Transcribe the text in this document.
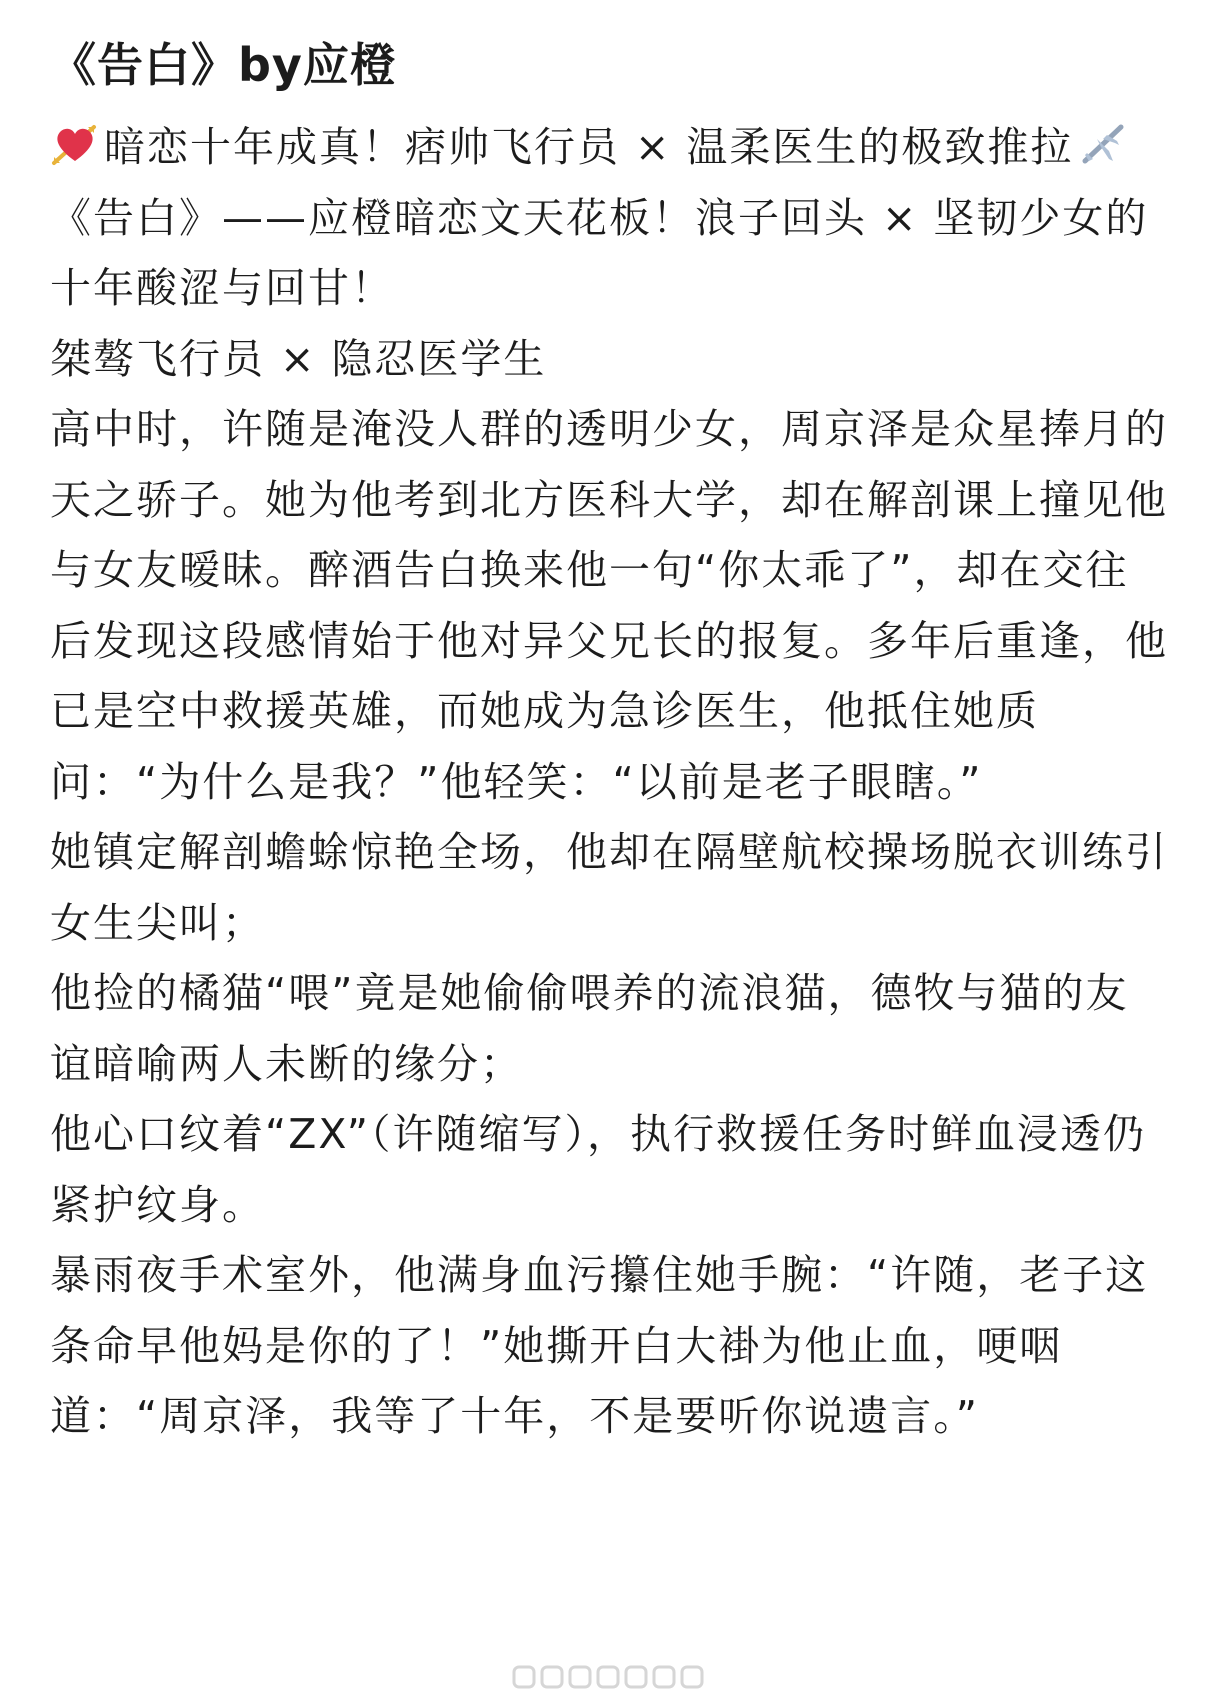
《告白》by应橙

暗恋十年成真！痞帅飞行员 × 温柔医生的极致推拉

《告白》——应橙暗恋文天花板！浪子回头 × 坚韧少女的十年酸涩与回甘！

桀骜飞行员 × 隐忍医学生

高中时，许随是淹没人群的透明少女，周京泽是众星捧月的天之骄子。她为他考到北方医科大学，却在解剖课上撞见他与女友暧昧。醉酒告白换来他一句“你太乖了”，却在交往后发现这段感情始于他对异父兄长的报复。多年后重逢，他已是空中救援英雄，而她成为急诊医生，他抵住她质问：“为什么是我？”他轻笑：“以前是老子眼瞎。”

她镇定解剖蟾蜍惊艳全场，他却在隔壁航校操场脱衣训练引女生尖叫；

他捡的橘猫“喂”竟是她偷偷喂养的流浪猫，德牧与猫的友谊暗喻两人未断的缘分；

他心口纹着“ZX”（许随缩写），执行救援任务时鲜血浸透仍紧护纹身。

暴雨夜手术室外，他满身血污攥住她手腕：“许随，老子这条命早他妈是你的了！”她撕开白大褂为他止血，哽咽道：“周京泽，我等了十年，不是要听你说遗言。”
